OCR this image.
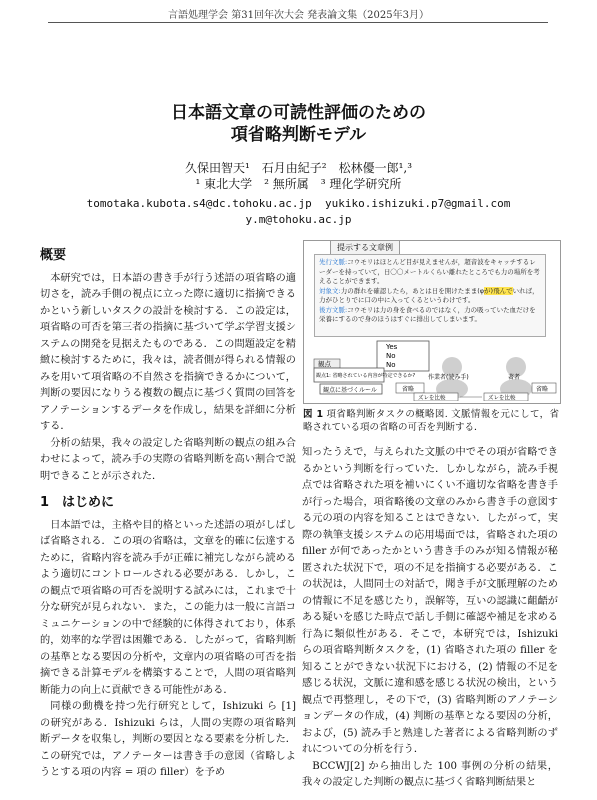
言語処理学会 第31回年次大会 発表論文集（2025年3月）
日本語文章の可読性評価のための
項省略判断モデル
久保田智天¹　石月由紀子²　松林優一郎¹,³
¹ 東北大学　² 無所属　³ 理化学研究所
tomotaka.kubota.s4@dc.tohoku.ac.jp  yukiko.ishizuki.p7@gmail.com
y.m@tohoku.ac.jp
概要

本研究では，日本語の書き手が行う述語の項省略の適切さを，読み手側の視点に立った際に適切に指摘できるかという新しいタスクの設計を検討する．この設定は，項省略の可否を第三者の指摘に基づいて学ぶ学習支援システムの開発を見据えたものである．この問題設定を精緻に検討するために，我々は，読者側が得られる情報のみを用いて項省略の不自然さを指摘できるかについて，判断の要因になりうる複数の観点に基づく質問の回答をアノテーションするデータを作成し，結果を詳細に分析する．

分析の結果，我々の設定した省略判断の観点の組み合わせによって，読み手の実際の省略判断を高い割合で説明できることが示された．

1　はじめに

日本語では，主格や目的格といった述語の項がしばしば省略される．この項の省略は，文章を的確に伝達するために，省略内容を読み手が正確に補完しながら読めるよう適切にコントロールされる必要がある．しかし，この観点で項省略の可否を説明する試みには，これまで十分な研究が見られない．また，この能力は一般に言語コミュニケーションの中で経験的に体得されており，体系的，効率的な学習は困難である．したがって，省略判断の基準となる要因の分析や，文章内の項省略の可否を指摘できる計算モデルを構築することで，人間の項省略判断能力の向上に貢献できる可能性がある．

同様の動機を持つ先行研究として，Ishizuki ら [1] の研究がある．Ishizuki らは，人間の実際の項省略判断データを収集し，判断の要因となる要素を分析した．この研究では，アノテーターは書き手の意図（省略しようとする項の内容 = 項の filler）を予め

提示する文章例
先行文脈:コウモリはほとんど目が見えませんが，超音波をキャッチするレーダーを持っていて，日〇〇メートルくらい離れたところでも力の場所を考えることができます。
対象文:力の群れを確認したら，あとは日を開けたまま(φが)飛んでいれば，力がひとりでに口の中に入ってくるというわけです。
後方文脈:コウモリは力の身を食べるのではなく，力の吸っていた血だけを栄養にするので身のほうはすぐに排出してしまいます。
Yes
No
No
観点
観点1: 省略されている内容が特定できるか?
観点に基づくルール
作業者(読み手)	著者
省略	省略
ズレを比較	ズレを比較
図 1 項省略判断タスクの概略図. 文脈情報を元にして，省略されている項の省略の可否を判断する．

知ったうえで，与えられた文脈の中でその項が省略できるかという判断を行っていた．しかしながら，読み手視点では省略された項を補いにくい不適切な省略を書き手が行った場合，項省略後の文章のみから書き手の意図する元の項の内容を知ることはできない．したがって，実際の執筆支援システムの応用場面では，省略された項の filler が何であったかという書き手のみが知る情報が秘匿された状況下で，項の不足を指摘する必要がある．この状況は，人間同士の対話で，聞き手が文脈理解のための情報に不足を感じたり，誤解等，互いの認識に齟齬がある疑いを感じた時点で話し手側に確認や補足を求める行為に類似性がある．そこで，本研究では，Ishizuki らの項省略判断タスクを，(1) 省略された項の filler を知ることができない状況下における，(2) 情報の不足を感じる状況，文脈に違和感を感じる状況の検出，という観点で再整理し，その下で，(3) 省略判断のアノテーションデータの作成，(4) 判断の基準となる要因の分析，および，(5) 読み手と熟達した著者による省略判断のずれについての分析を行う．

BCCWJ[2] から抽出した 100 事例の分析の結果，我々の設定した判断の観点に基づく省略判断結果と
